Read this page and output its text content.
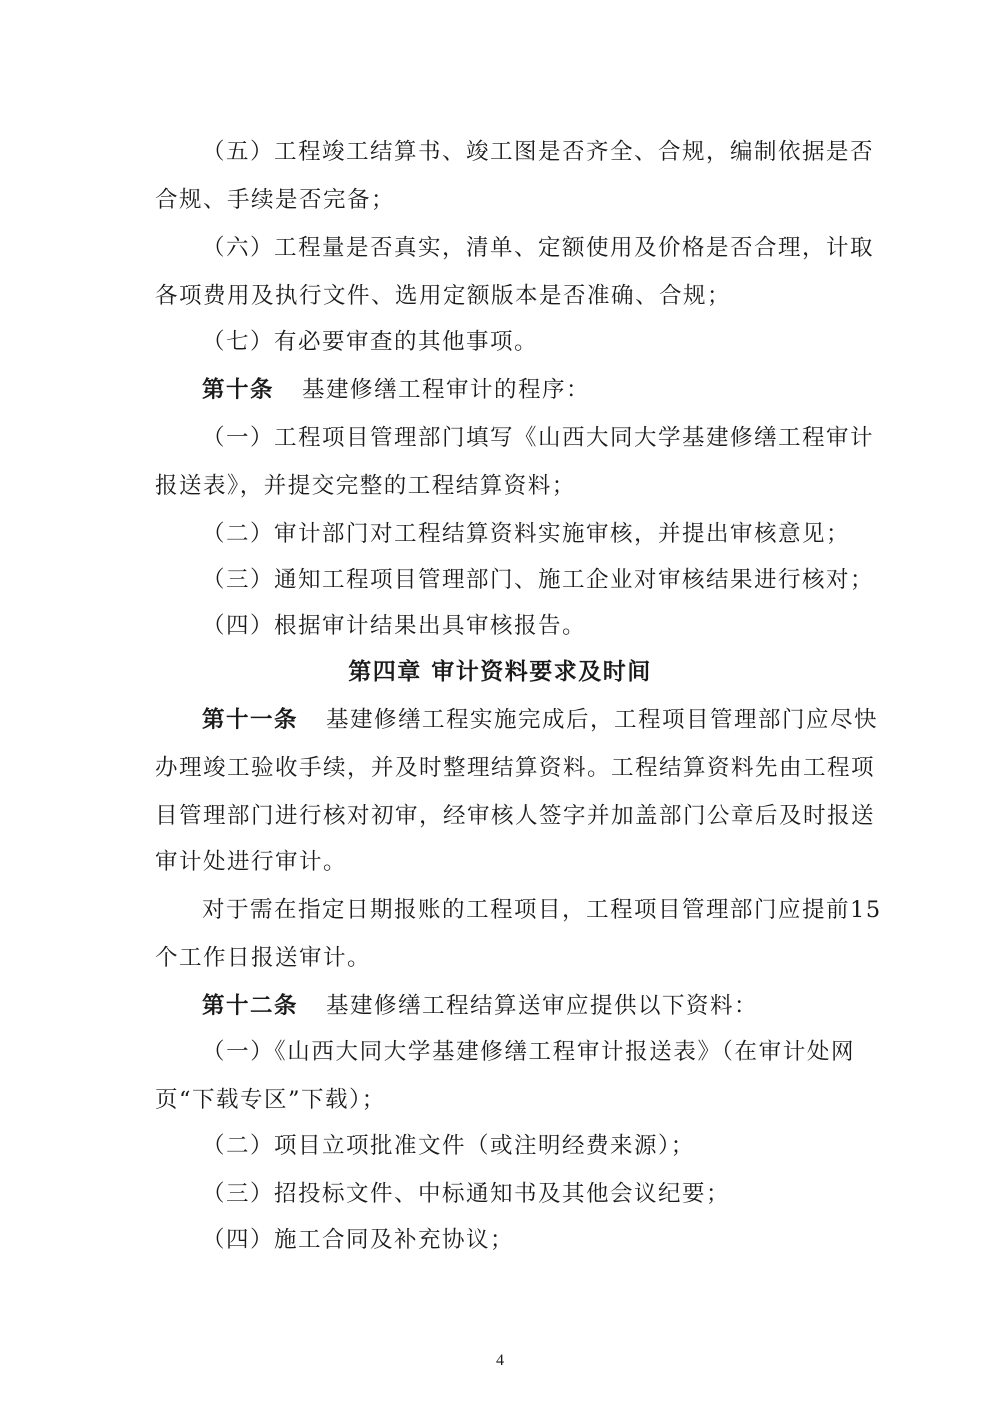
（五）工程竣工结算书、竣工图是否齐全、合规，编制依据是否
合规、手续是否完备；
（六）工程量是否真实，清单、定额使用及价格是否合理，计取
各项费用及执行文件、选用定额版本是否准确、合规；
（七）有必要审查的其他事项。
第十条 基建修缮工程审计的程序：
（一）工程项目管理部门填写《山西大同大学基建修缮工程审计
报送表》，并提交完整的工程结算资料；
（二）审计部门对工程结算资料实施审核，并提出审核意见；
（三）通知工程项目管理部门、施工企业对审核结果进行核对；
（四）根据审计结果出具审核报告。
第四章 审计资料要求及时间
第十一条 基建修缮工程实施完成后，工程项目管理部门应尽快
办理竣工验收手续，并及时整理结算资料。工程结算资料先由工程项
目管理部门进行核对初审，经审核人签字并加盖部门公章后及时报送
审计处进行审计。
对于需在指定日期报账的工程项目，工程项目管理部门应提前15
个工作日报送审计。
第十二条 基建修缮工程结算送审应提供以下资料：
（一）《山西大同大学基建修缮工程审计报送表》（在审计处网
页“下载专区”下载）；
（二）项目立项批准文件（或注明经费来源）；
（三）招投标文件、中标通知书及其他会议纪要；
（四）施工合同及补充协议；
4
